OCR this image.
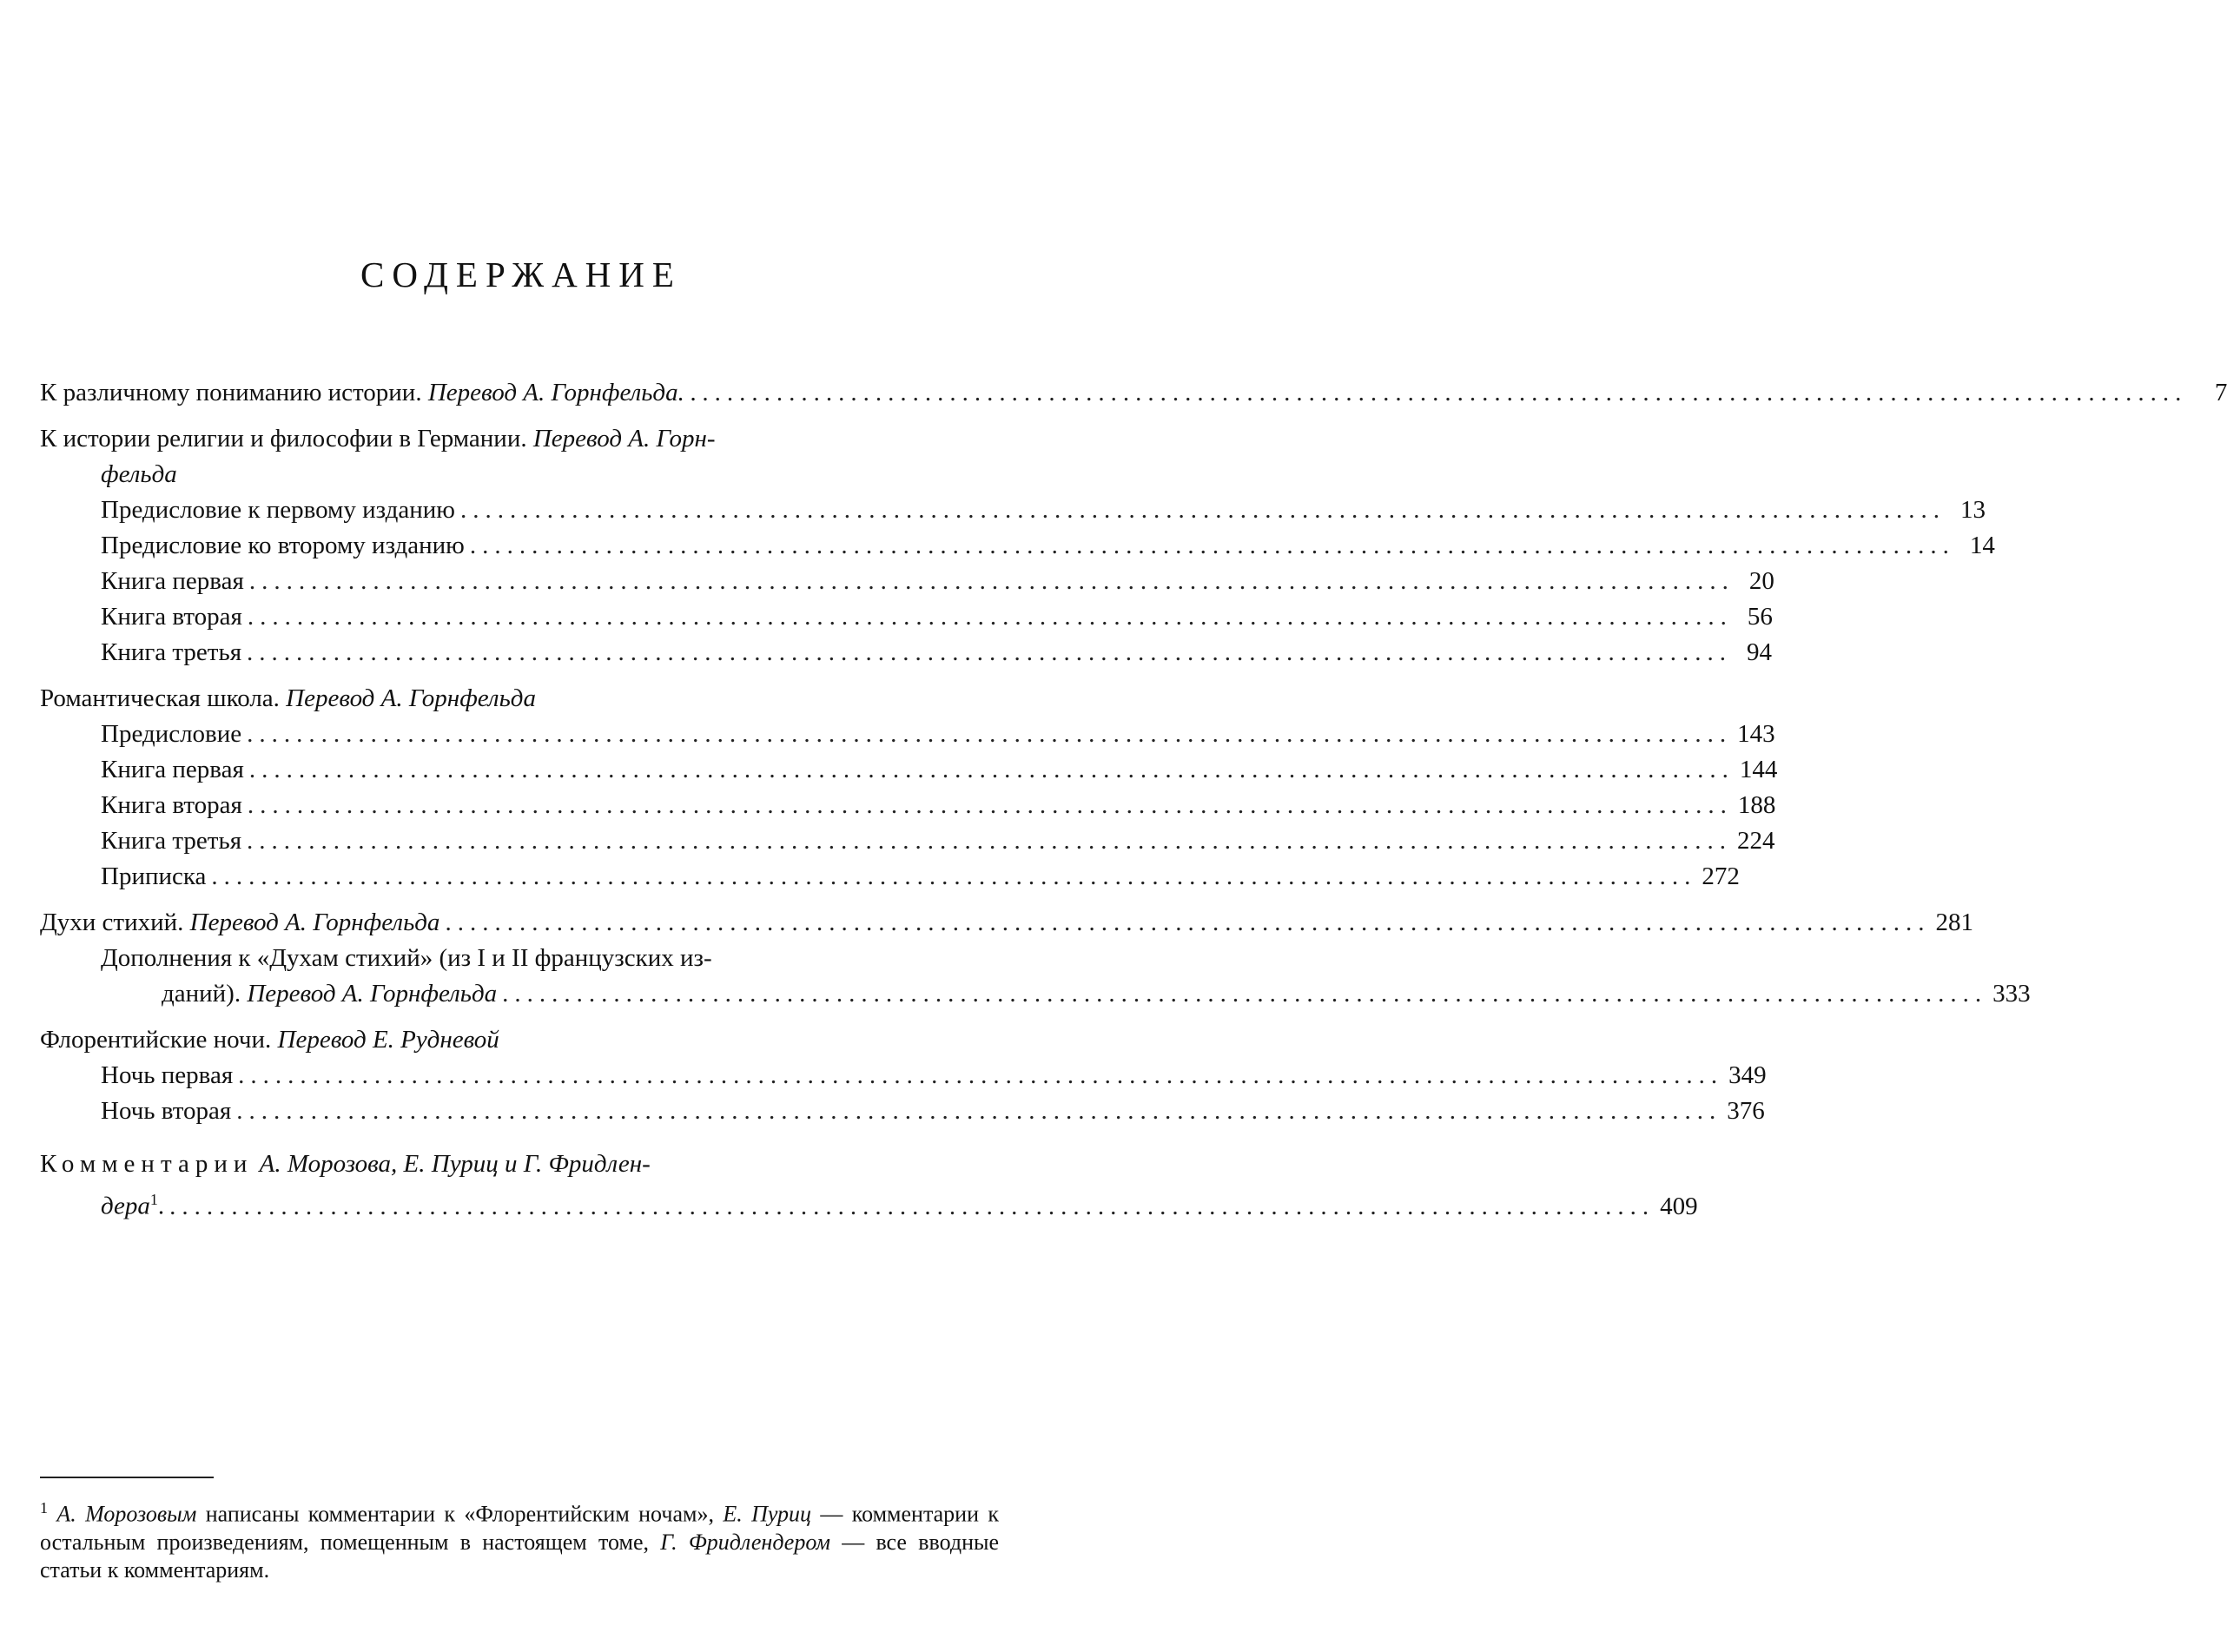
СОДЕРЖАНИЕ
К различному пониманию истории. Перевод А. Горнфельда. . ........................................................................................................................	7
К истории религии и философии в Германии. Перевод А. Горн-
фельда
Предисловие к первому изданию ........................................................................................................................ 13
Предисловие ко второму изданию ........................................................................................................................ 14
Книга первая ........................................................................................................................ 20
Книга вторая ........................................................................................................................ 56
Книга третья ........................................................................................................................ 94
Романтическая школа. Перевод А. Горнфельда
Предисловие ........................................................................................................................ 143
Книга первая ........................................................................................................................ 144
Книга вторая ........................................................................................................................ 188
Книга третья ........................................................................................................................ 224
Приписка ........................................................................................................................ 272
Духи стихий. Перевод А. Горнфельда ........................................................................................................................ 281
Дополнения к «Духам стихий» (из I и II французских из-
даний). Перевод А. Горнфельда ........................................................................................................................ 333
Флорентийские ночи. Перевод Е. Рудневой
Ночь первая ........................................................................................................................ 349
Ночь вторая ........................................................................................................................ 376
Комментарии А. Морозова, Е. Пуриц и Г. Фридлен-
дера$^1$. ........................................................................................................................ 409
$^1$ А. Морозовым написаны комментарии к «Флорентийским ночам», Е. Пуриц — комментарии к остальным произведениям, помещенным в настоящем томе, Г. Фридлендером — все вводные статьи к комментариям.
